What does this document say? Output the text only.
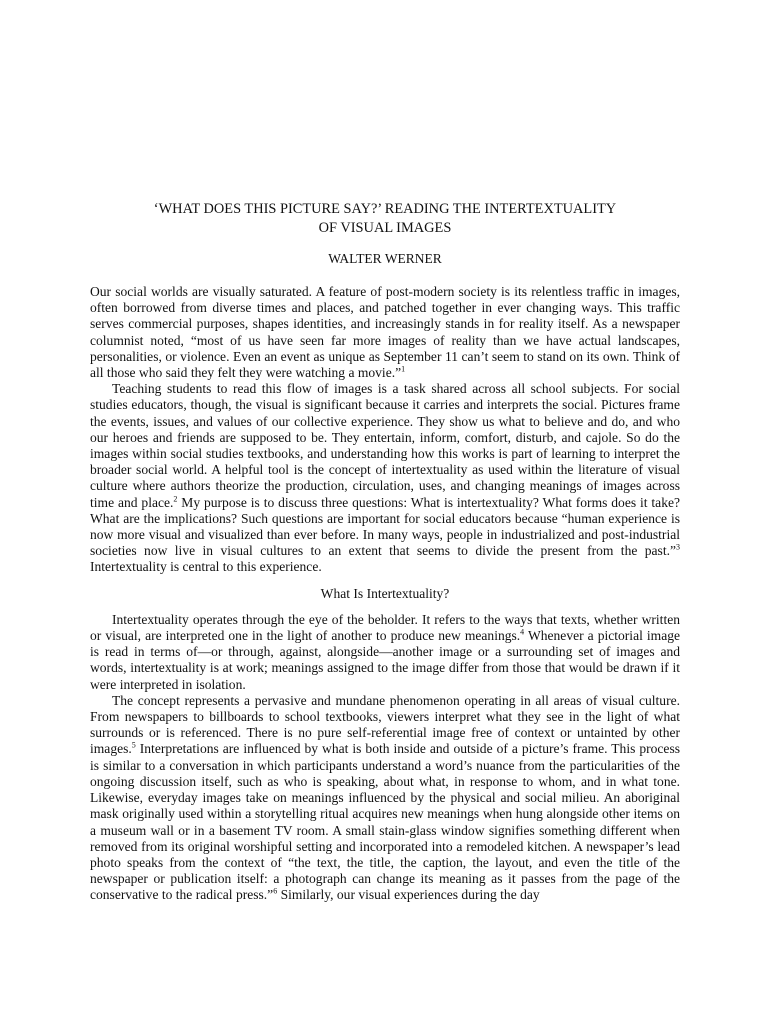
‘WHAT DOES THIS PICTURE SAY?’ READING THE INTERTEXTUALITY
OF VISUAL IMAGES
WALTER WERNER

Our social worlds are visually saturated. A feature of post-modern society is its relentless traffic in images, often borrowed from diverse times and places, and patched together in ever changing ways. This traffic serves commercial purposes, shapes identities, and increasingly stands in for reality itself. As a newspaper columnist noted, “most of us have seen far more images of reality than we have actual landscapes, personalities, or violence. Even an event as unique as September 11 can’t seem to stand on its own. Think of all those who said they felt they were watching a movie.”$^1$

Teaching students to read this flow of images is a task shared across all school subjects. For social studies educators, though, the visual is significant because it carries and interprets the social. Pictures frame the events, issues, and values of our collective experience. They show us what to believe and do, and who our heroes and friends are supposed to be. They entertain, inform, comfort, disturb, and cajole. So do the images within social studies textbooks, and understanding how this works is part of learning to interpret the broader social world. A helpful tool is the concept of intertextuality as used within the literature of visual culture where authors theorize the production, circulation, uses, and changing meanings of images across time and place.$^2$ My purpose is to discuss three questions: What is intertextuality? What forms does it take? What are the implications? Such questions are important for social educators because “human experience is now more visual and visualized than ever before. In many ways, people in industrialized and post-industrial societies now live in visual cultures to an extent that seems to divide the present from the past.”$^3$ Intertextuality is central to this experience.

What Is Intertextuality?

Intertextuality operates through the eye of the beholder. It refers to the ways that texts, whether written or visual, are interpreted one in the light of another to produce new meanings.$^4$ Whenever a pictorial image is read in terms of—or through, against, alongside—another image or a surrounding set of images and words, intertextuality is at work; meanings assigned to the image differ from those that would be drawn if it were interpreted in isolation.

The concept represents a pervasive and mundane phenomenon operating in all areas of visual culture. From newspapers to billboards to school textbooks, viewers interpret what they see in the light of what surrounds or is referenced. There is no pure self-referential image free of context or untainted by other images.$^5$ Interpretations are influenced by what is both inside and outside of a picture’s frame. This process is similar to a conversation in which participants understand a word’s nuance from the particularities of the ongoing discussion itself, such as who is speaking, about what, in response to whom, and in what tone. Likewise, everyday images take on meanings influenced by the physical and social milieu. An aboriginal mask originally used within a storytelling ritual acquires new meanings when hung alongside other items on a museum wall or in a basement TV room. A small stain-glass window signifies something different when removed from its original worshipful setting and incorporated into a remodeled kitchen. A newspaper’s lead photo speaks from the context of “the text, the title, the caption, the layout, and even the title of the newspaper or publication itself: a photograph can change its meaning as it passes from the page of the conservative to the radical press.”$^6$ Similarly, our visual experiences during the day
